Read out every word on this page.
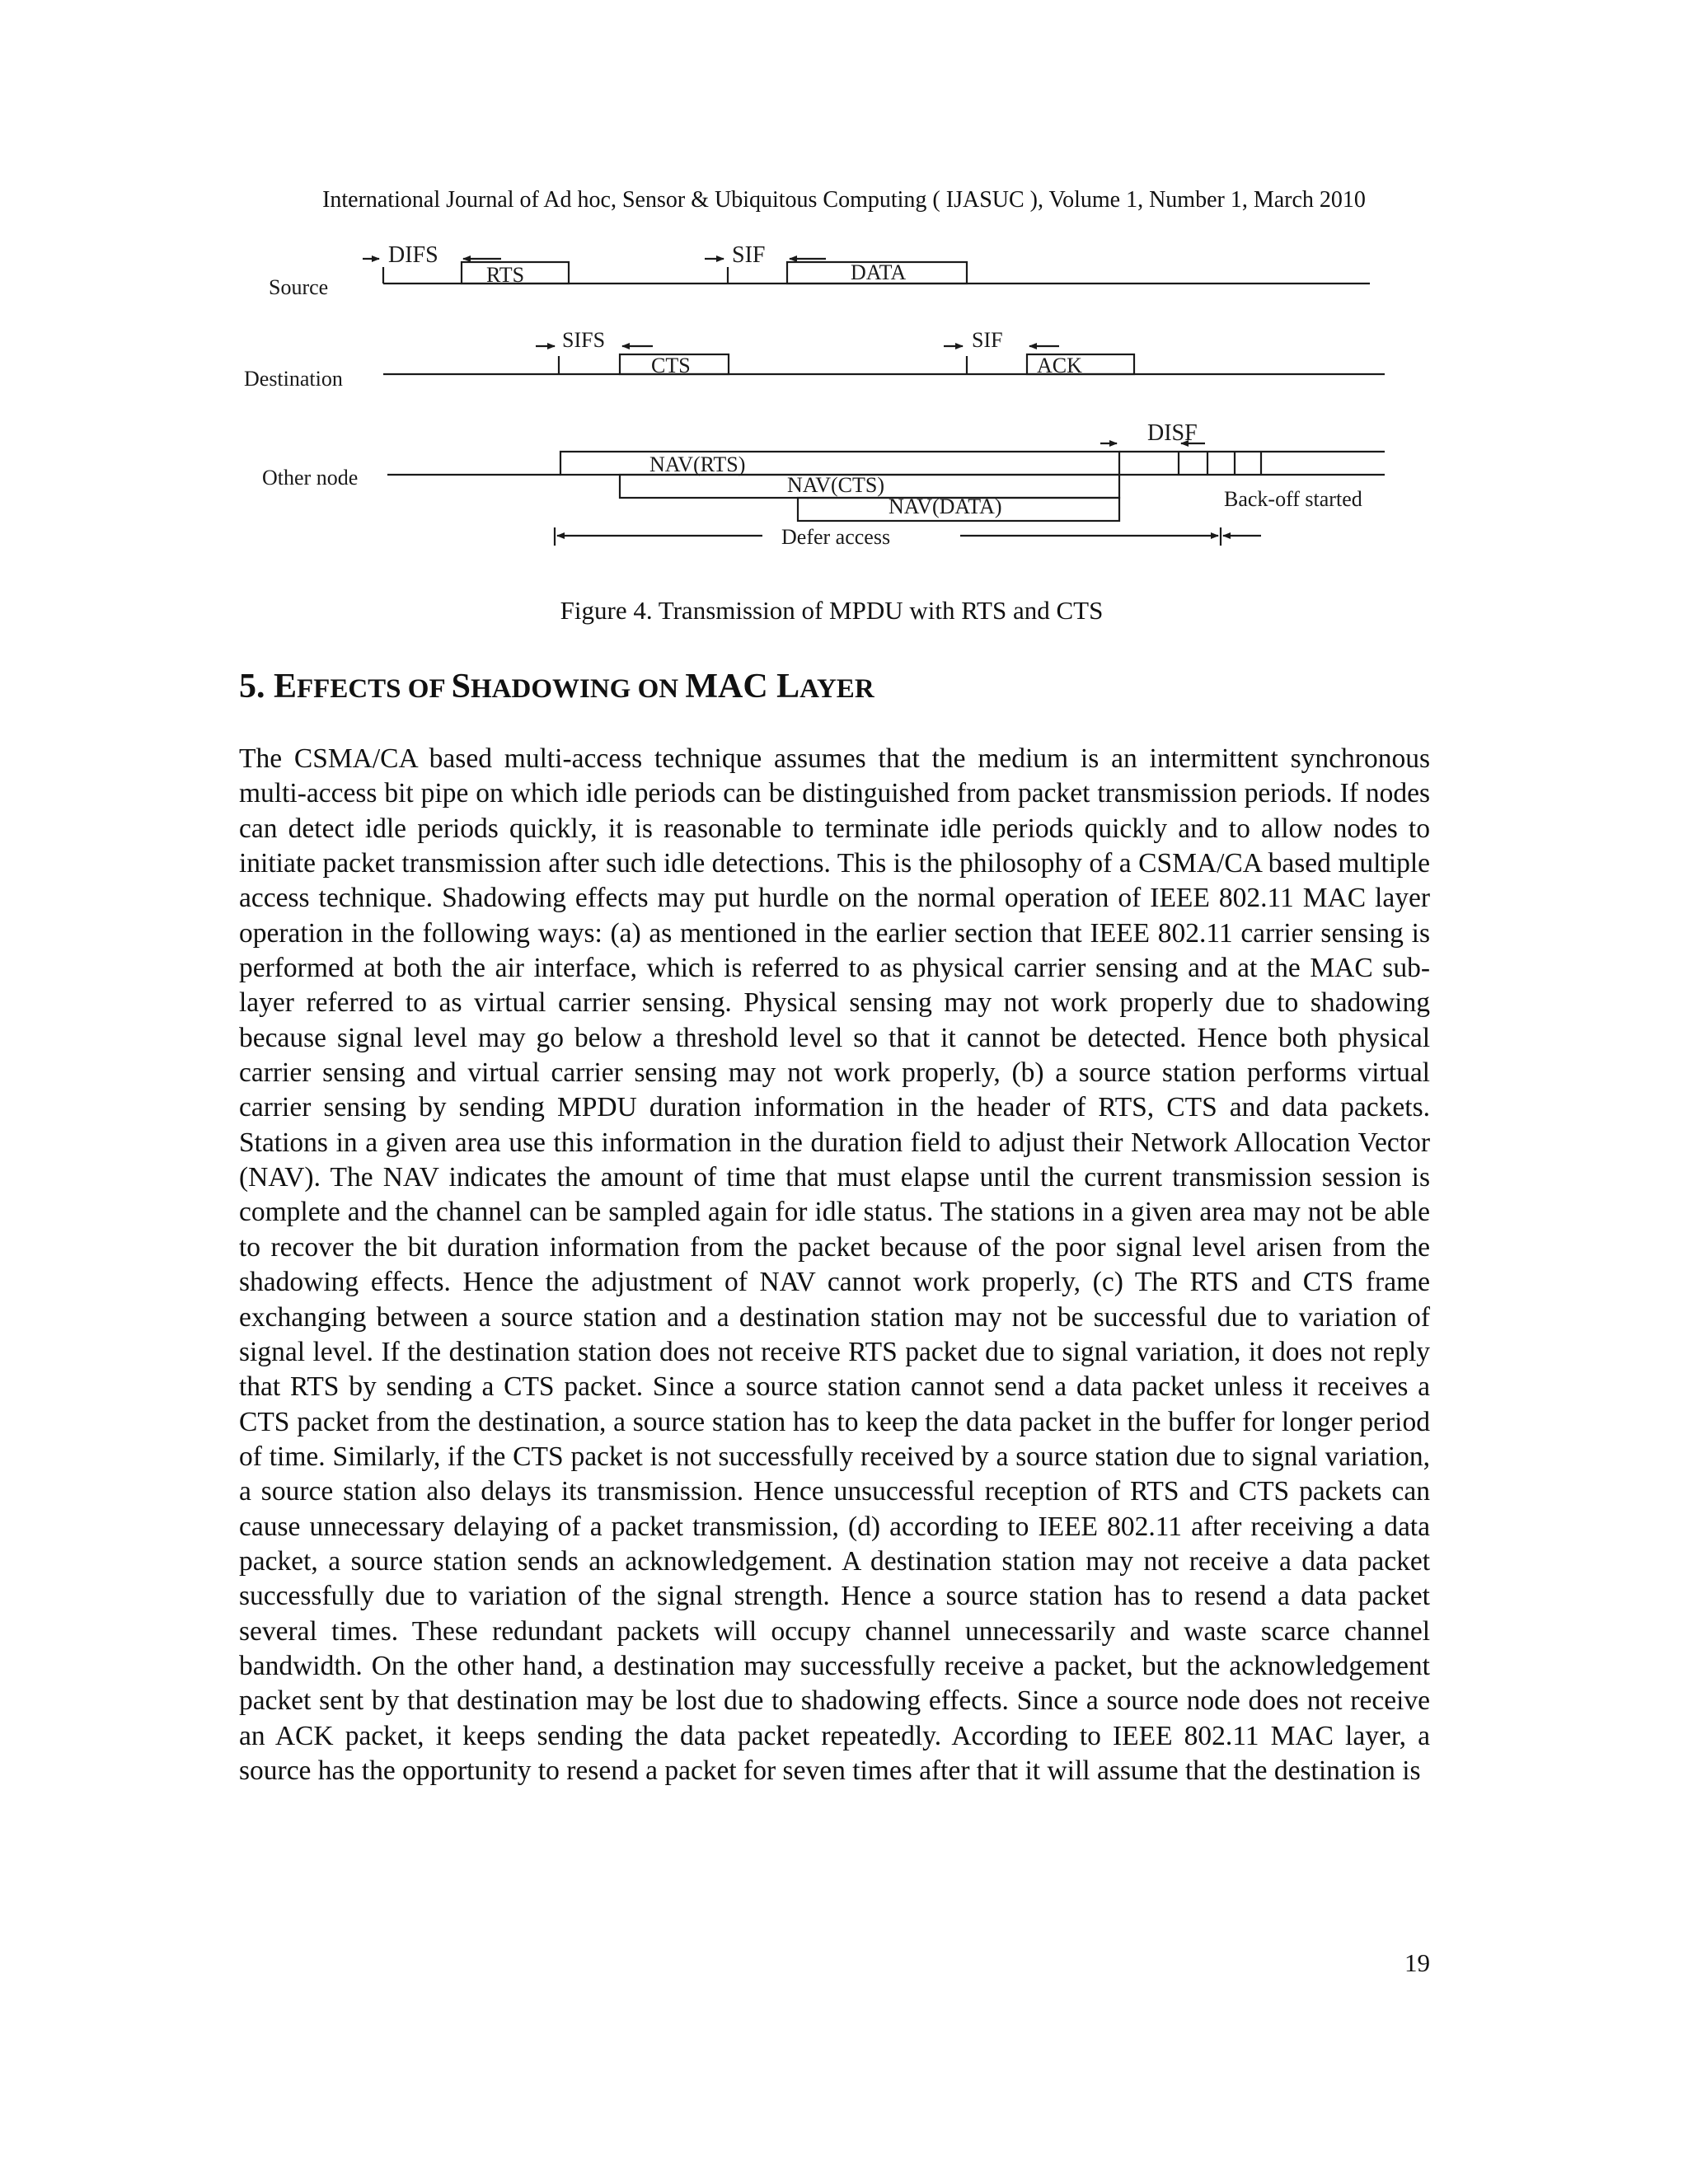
International Journal of Ad hoc, Sensor & Ubiquitous Computing ( IJASUC ), Volume 1, Number 1, March 2010
Source
Destination
Other node
DIFS	SIF
SIFS	SIF
DISF
Back-off started
Defer access
RTS	DATA
CTS	ACK
NAV(RTS)
NAV(CTS)
NAV(DATA)
Figure 4. Transmission of MPDU with RTS and CTS
5. EFFECTS OF SHADOWING ON MAC LAYER

The CSMA/CA based multi-access technique assumes that the medium is an intermittent synchronous multi-access bit pipe on which idle periods can be distinguished from packet transmission periods. If nodes can detect idle periods quickly, it is reasonable to terminate idle periods quickly and to allow nodes to initiate packet transmission after such idle detections. This is the philosophy of a CSMA/CA based multiple access technique. Shadowing effects may put hurdle on the normal operation of IEEE 802.11 MAC layer operation in the following ways: (a) as mentioned in the earlier section that IEEE 802.11 carrier sensing is performed at both the air interface, which is referred to as physical carrier sensing and at the MAC sub-layer referred to as virtual carrier sensing. Physical sensing may not work properly due to shadowing because signal level may go below a threshold level so that it cannot be detected. Hence both physical carrier sensing and virtual carrier sensing may not work properly, (b) a source station performs virtual carrier sensing by sending MPDU duration information in the header of RTS, CTS and data packets. Stations in a given area use this information in the duration field to adjust their Network Allocation Vector (NAV). The NAV indicates the amount of time that must elapse until the current transmission session is complete and the channel can be sampled again for idle status. The stations in a given area may not be able to recover the bit duration information from the packet because of the poor signal level arisen from the shadowing effects. Hence the adjustment of NAV cannot work properly, (c) The RTS and CTS frame exchanging between a source station and a destination station may not be successful due to variation of signal level. If the destination station does not receive RTS packet due to signal variation, it does not reply that RTS by sending a CTS packet. Since a source station cannot send a data packet unless it receives a CTS packet from the destination, a source station has to keep the data packet in the buffer for longer period of time. Similarly, if the CTS packet is not successfully received by a source station due to signal variation, a source station also delays its transmission. Hence unsuccessful reception of RTS and CTS packets can cause unnecessary delaying of a packet transmission, (d) according to IEEE 802.11 after receiving a data packet, a source station sends an acknowledgement. A destination station may not receive a data packet successfully due to variation of the signal strength. Hence a source station has to resend a data packet several times. These redundant packets will occupy channel unnecessarily and waste scarce channel bandwidth. On the other hand, a destination may successfully receive a packet, but the acknowledgement packet sent by that destination may be lost due to shadowing effects. Since a source node does not receive an ACK packet, it keeps sending the data packet repeatedly. According to IEEE 802.11 MAC layer, a source has the opportunity to resend a packet for seven times after that it will assume that the destination is

19
